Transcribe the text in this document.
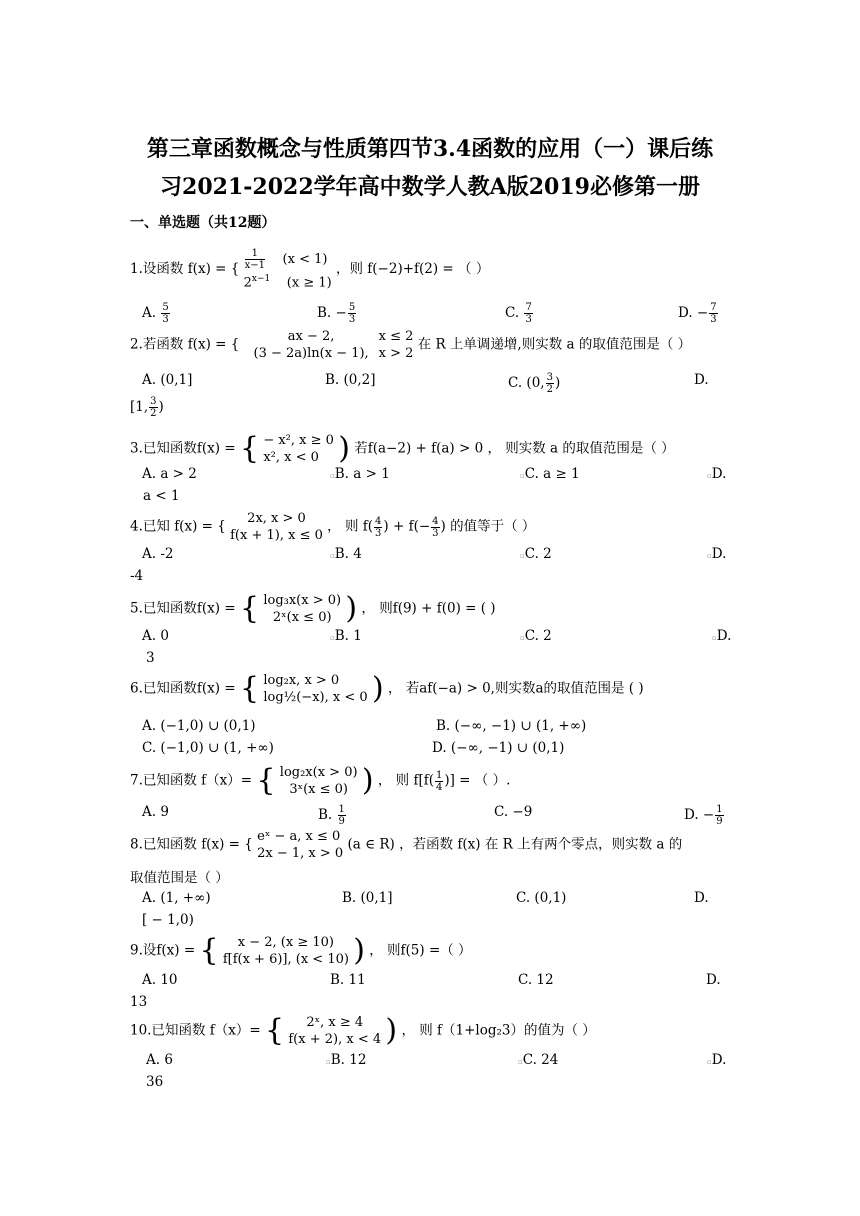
第三章函数概念与性质第四节3.4函数的应用（一）课后练
习2021-2022学年高中数学人教A版2019必修第一册
一、单选题（共12题）
1.设函数 f(x) = { $\frac{1}{x-1} (x < 1)$
$2^{x-1}$ (x ≥ 1)
，则 f(−2)+f(2) = （ ）
A. $\frac{5}{3}$	B. − $\frac{5}{3}$	C. $\frac{7}{3}$	D. − $\frac{7}{3}$
2.若函数 f(x) = {	ax − 2,	x ≤ 2
(3 − 2a)ln(x − 1), x > 2
在 R 上单调递增,则实数 a 的取值范围是（ ）
A. (0,1]	B. (0,2]	C. (0, $\frac{3}{2}$ )	D.
[1, $\frac{3}{2}$ )
3.已知函数f(x) = { − x², x ≥ 0
x², x < 0 ) 若f(a−2) + f(a) > 0 ， 则实数 a 的取值范围是（ ）
A. a > 2	▫B. a > 1	▫C. a ≥ 1	▫D.
a < 1
4.已知 f(x) = {	2x, x > 0
f(x + 1), x ≤ 0
， 则 $f( \frac{4}{3}$ ) + $f(- \frac{4}{3}$ ) 的值等于（ ）
A. -2	▫B. 4	▫C. 2	▫D.
-4
5.已知函数f(x) = { log₃x(x > 0)
2ˣ(x ≤ 0) ) ， 则f(9) + f(0) = ( )
A. 0	▫B. 1	▫C. 2	▫D.
3
6.已知函数f(x) = { log₂x, x > 0
log½(−x), x < 0 ) ， 若af(−a) > 0,则实数a的取值范围是 ( )
A. (−1,0) ∪ (0,1)	B. (−∞, −1) ∪ (1, +∞)
C. (−1,0) ∪ (1, +∞)	D. (−∞, −1) ∪ (0,1)
7.已知函数 f（x）= { log₂x(x > 0)
3ˣ(x ≤ 0) ) ， 则 $f[f( \frac{1}{4}$ )] = （ ）.
A. 9	B. $\frac{1}{9}$	C. −9	D. − $\frac{1}{9}$
8.已知函数 f(x) = { eˣ − a, x ≤ 0
2x − 1, x > 0
(a ∈ R) ，若函数 f(x) 在 R 上有两个零点，则实数 a 的
取值范围是（ ）
A. (1, +∞)	B. (0,1]	C. (0,1)	D.
[ − 1,0)
9.设f(x) = {	x − 2, (x ≥ 10)
f[f(x + 6)], (x < 10) ) ， 则f(5) =（ ）
A. 10	B. 11	C. 12	D.
13
10.已知函数 f（x）= {	2ˣ, x ≥ 4
f(x + 2), x < 4 ) ， 则 f（1+log₂3）的值为（ ）
A. 6	▫B. 12	▫C. 24	▫D.
36
